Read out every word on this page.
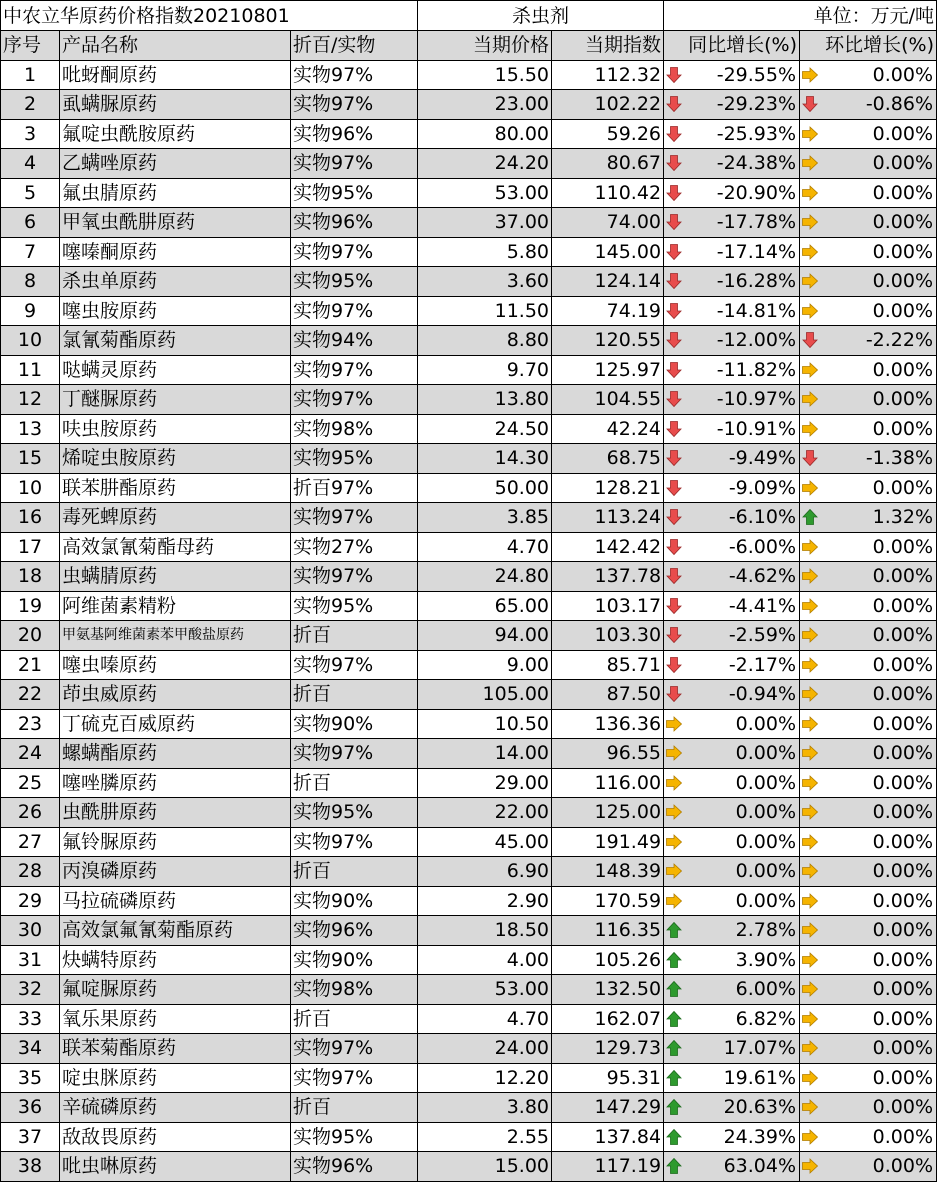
中农立华原药价格指数20210801			杀虫剂		单位：万元/吨	
序号	产品名称	折百/实物	当期价格	当期指数	同比增长(%)	环比增长(%)
1	吡蚜酮原药	实物97%	15.50	112.32	-29.55%	0.00%

2	虱螨脲原药	实物97%	23.00	102.22	-29.23%	-0.86%

3	氟啶虫酰胺原药	实物96%	80.00	59.26	-25.93%	0.00%

4	乙螨唑原药	实物97%	24.20	80.67	-24.38%	0.00%

5	氟虫腈原药	实物95%	53.00	110.42	-20.90%	0.00%

6	甲氧虫酰肼原药	实物96%	37.00	74.00	-17.78%	0.00%

7	噻嗪酮原药	实物97%	5.80	145.00	-17.14%	0.00%

8	杀虫单原药	实物95%	3.60	124.14	-16.28%	0.00%

9	噻虫胺原药	实物97%	11.50	74.19	-14.81%	0.00%

10	氯氰菊酯原药	实物94%	8.80	120.55	-12.00%	-2.22%

11	哒螨灵原药	实物97%	9.70	125.97	-11.82%	0.00%

12	丁醚脲原药	实物97%	13.80	104.55	-10.97%	0.00%

13	呋虫胺原药	实物98%	24.50	42.24	-10.91%	0.00%

15	烯啶虫胺原药	实物95%	14.30	68.75	-9.49%	-1.38%

10	联苯肼酯原药	折百97%	50.00	128.21	-9.09%	0.00%

16	毒死蜱原药	实物97%	3.85	113.24	-6.10%	1.32%

17	高效氯氰菊酯母药	实物27%	4.70	142.42	-6.00%	0.00%

18	虫螨腈原药	实物97%	24.80	137.78	-4.62%	0.00%

19	阿维菌素精粉	实物95%	65.00	103.17	-4.41%	0.00%

20	甲氨基阿维菌素苯甲酸盐原药	折百	94.00	103.30	-2.59%	0.00%

21	噻虫嗪原药	实物97%	9.00	85.71	-2.17%	0.00%

22	茚虫威原药	折百	105.00	87.50	-0.94%	0.00%

23	丁硫克百威原药	实物90%	10.50	136.36	0.00%	0.00%

24	螺螨酯原药	实物97%	14.00	96.55	0.00%	0.00%

25	噻唑膦原药	折百	29.00	116.00	0.00%	0.00%

26	虫酰肼原药	实物95%	22.00	125.00	0.00%	0.00%

27	氟铃脲原药	实物97%	45.00	191.49	0.00%	0.00%

28	丙溴磷原药	折百	6.90	148.39	0.00%	0.00%

29	马拉硫磷原药	实物90%	2.90	170.59	0.00%	0.00%

30	高效氯氟氰菊酯原药	实物96%	18.50	116.35	2.78%	0.00%

31	炔螨特原药	实物90%	4.00	105.26	3.90%	0.00%

32	氟啶脲原药	实物98%	53.00	132.50	6.00%	0.00%

33	氧乐果原药	折百	4.70	162.07	6.82%	0.00%

34	联苯菊酯原药	实物97%	24.00	129.73	17.07%	0.00%

35	啶虫脒原药	实物97%	12.20	95.31	19.61%	0.00%

36	辛硫磷原药	折百	3.80	147.29	20.63%	0.00%

37	敌敌畏原药	实物95%	2.55	137.84	24.39%	0.00%

38	吡虫啉原药	实物96%	15.00	117.19	63.04%	0.00%
